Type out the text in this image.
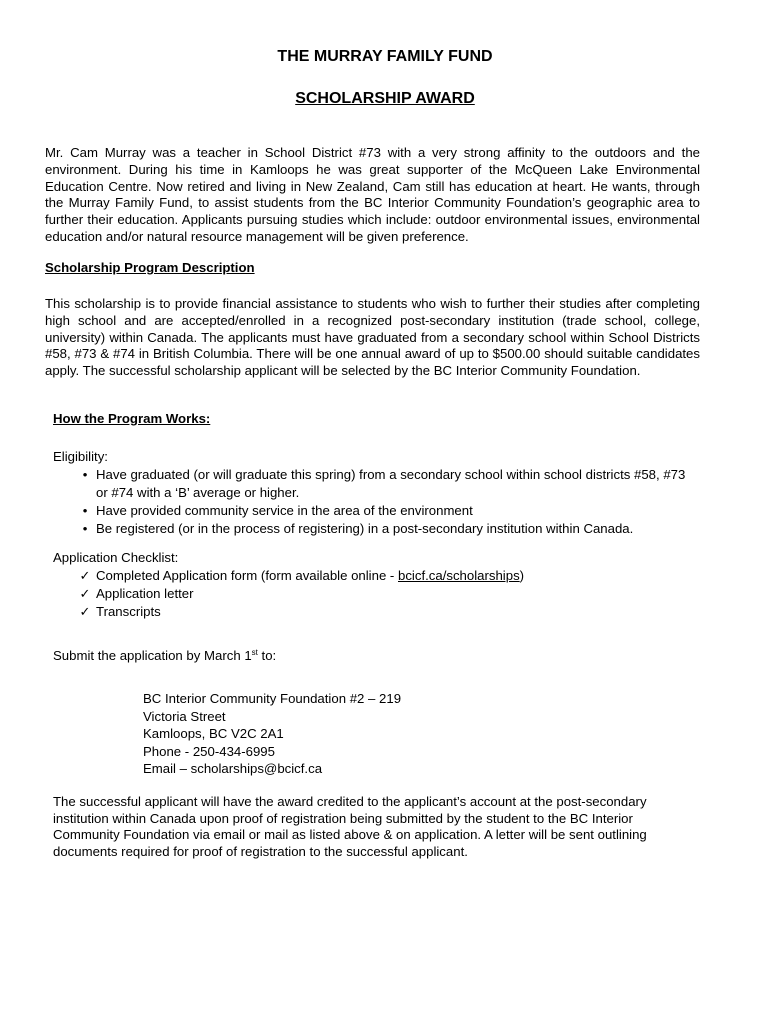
THE MURRAY FAMILY FUND
SCHOLARSHIP AWARD
Mr. Cam Murray was a teacher in School District #73 with a very strong affinity to the outdoors and the environment. During his time in Kamloops he was great supporter of the McQueen Lake Environmental Education Centre. Now retired and living in New Zealand, Cam still has education at heart. He wants, through the Murray Family Fund, to assist students from the BC Interior Community Foundation’s geographic area to further their education. Applicants pursuing studies which include: outdoor environmental issues, environmental education and/or natural resource management will be given preference.
Scholarship Program Description
This scholarship is to provide financial assistance to students who wish to further their studies after completing high school and are accepted/enrolled in a recognized post-secondary institution (trade school, college, university) within Canada. The applicants must have graduated from a secondary school within School Districts #58, #73 & #74 in British Columbia. There will be one annual award of up to $500.00 should suitable candidates apply. The successful scholarship applicant will be selected by the BC Interior Community Foundation.
How the Program Works:
Eligibility:
• Have graduated (or will graduate this spring) from a secondary school within school districts #58, #73 or #74 with a ‘B’ average or higher.
• Have provided community service in the area of the environment
• Be registered (or in the process of registering) in a post-secondary institution within Canada.
Application Checklist:
✓ Completed Application form (form available online - bcicf.ca/scholarships)
✓ Application letter
✓ Transcripts
Submit the application by March 1st to:
BC Interior Community Foundation #2 – 219
Victoria Street
Kamloops, BC V2C 2A1
Phone - 250-434-6995
Email – scholarships@bcicf.ca
The successful applicant will have the award credited to the applicant’s account at the post-secondary institution within Canada upon proof of registration being submitted by the student to the BC Interior Community Foundation via email or mail as listed above & on application. A letter will be sent outlining documents required for proof of registration to the successful applicant.
